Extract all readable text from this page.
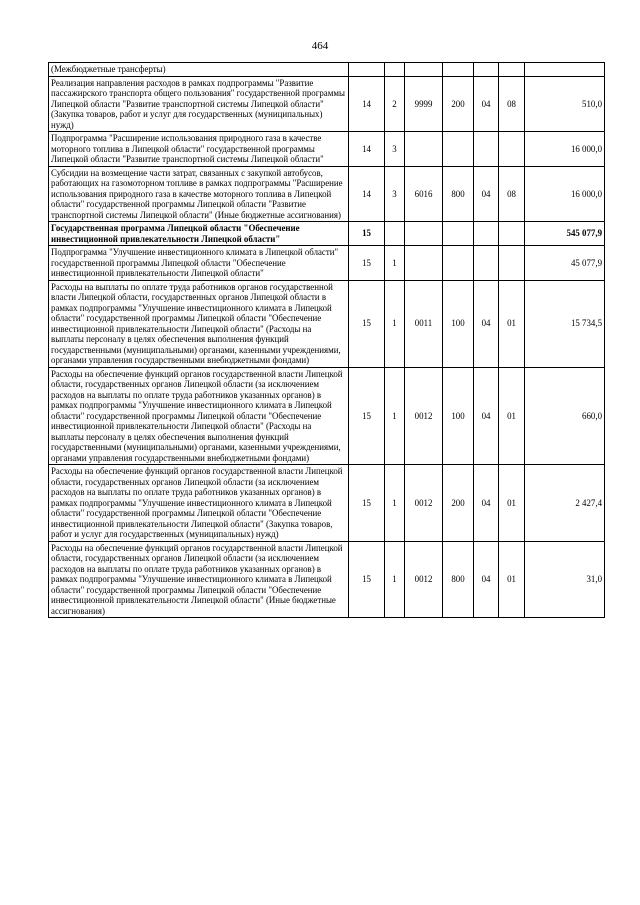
464
(Межбюджетные трансферты)							
Реализация направления расходов в рамках подпрограммы "Развитие пассажирского транспорта общего пользования" государственной программы Липецкой области "Развитие транспортной системы Липецкой области" (Закупка товаров, работ и услуг для государственных (муниципальных) нужд)	14	2	9999	200	04	08	510,0
Подпрограмма "Расширение использования природного газа в качестве моторного топлива в Липецкой области" государственной программы Липецкой области "Развитие транспортной системы Липецкой области"	14	3					16 000,0
Субсидии на возмещение части затрат, связанных с закупкой автобусов, работающих на газомоторном топливе в рамках подпрограммы "Расширение использования природного газа в качестве моторного топлива в Липецкой области" государственной программы Липецкой области "Развитие транспортной системы Липецкой области" (Иные бюджетные ассигнования)	14	3	6016	800	04	08	16 000,0
Государственная программа Липецкой области "Обеспечение инвестиционной привлекательности Липецкой области"	15						545 077,9
Подпрограмма "Улучшение инвестиционного климата в Липецкой области" государственной программы Липецкой области "Обеспечение инвестиционной привлекательности Липецкой области"	15	1					45 077,9
Расходы на выплаты по оплате труда работников органов государственной власти Липецкой области, государственных органов Липецкой области в рамках подпрограммы "Улучшение инвестиционного климата в Липецкой области" государственной программы Липецкой области "Обеспечение инвестиционной привлекательности Липецкой области" (Расходы на выплаты персоналу в целях обеспечения выполнения функций государственными (муниципальными) органами, казенными учреждениями, органами управления государственными внебюджетными фондами)	15	1	0011	100	04	01	15 734,5
Расходы на обеспечение функций органов государственной власти Липецкой области, государственных органов Липецкой области (за исключением расходов на выплаты по оплате труда работников указанных органов) в рамках подпрограммы "Улучшение инвестиционного климата в Липецкой области" государственной программы Липецкой области "Обеспечение инвестиционной привлекательности Липецкой области" (Расходы на выплаты персоналу в целях обеспечения выполнения функций государственными (муниципальными) органами, казенными учреждениями, органами управления государственными внебюджетными фондами)	15	1	0012	100	04	01	660,0
Расходы на обеспечение функций органов государственной власти Липецкой области, государственных органов Липецкой области (за исключением расходов на выплаты по оплате труда работников указанных органов) в рамках подпрограммы "Улучшение инвестиционного климата в Липецкой области" государственной программы Липецкой области "Обеспечение инвестиционной привлекательности Липецкой области" (Закупка товаров, работ и услуг для государственных (муниципальных) нужд)	15	1	0012	200	04	01	2 427,4
Расходы на обеспечение функций органов государственной власти Липецкой области, государственных органов Липецкой области (за исключением расходов на выплаты по оплате труда работников указанных органов) в рамках подпрограммы "Улучшение инвестиционного климата в Липецкой области" государственной программы Липецкой области "Обеспечение инвестиционной привлекательности Липецкой области" (Иные бюджетные ассигнования)	15	1	0012	800	04	01	31,0
